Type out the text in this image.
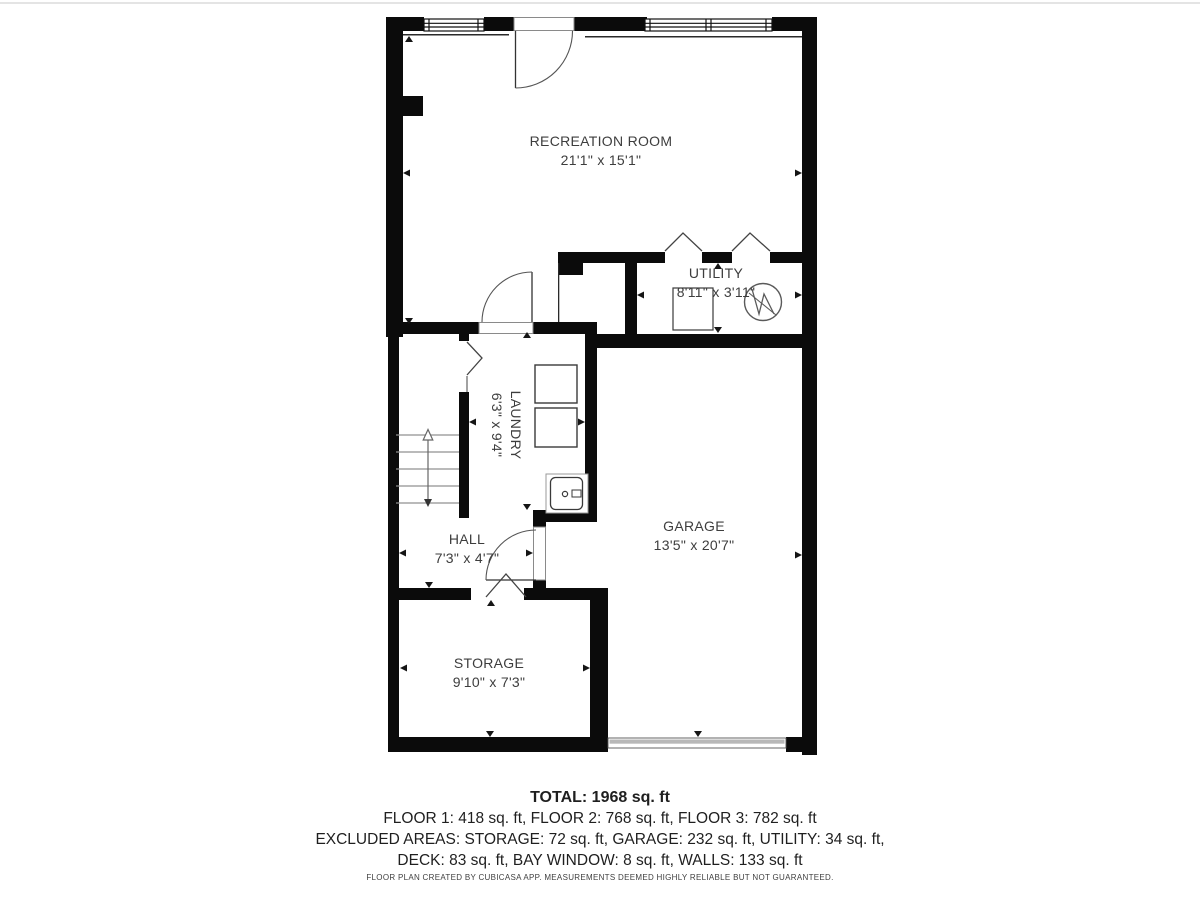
RECREATION ROOM
21'1" x 15'1"
UTILITY
8'11" x 3'11"
LAUNDRY
6'3" x 9'4"
GARAGE
13'5" x 20'7"
HALL
7'3" x 4'7"
STORAGE
9'10" x 7'3"
TOTAL: 1968 sq. ft
FLOOR 1: 418 sq. ft, FLOOR 2: 768 sq. ft, FLOOR 3: 782 sq. ft
EXCLUDED AREAS: STORAGE: 72 sq. ft, GARAGE: 232 sq. ft, UTILITY: 34 sq. ft,
DECK: 83 sq. ft, BAY WINDOW: 8 sq. ft, WALLS: 133 sq. ft
FLOOR PLAN CREATED BY CUBICASA APP. MEASUREMENTS DEEMED HIGHLY RELIABLE BUT NOT GUARANTEED.
